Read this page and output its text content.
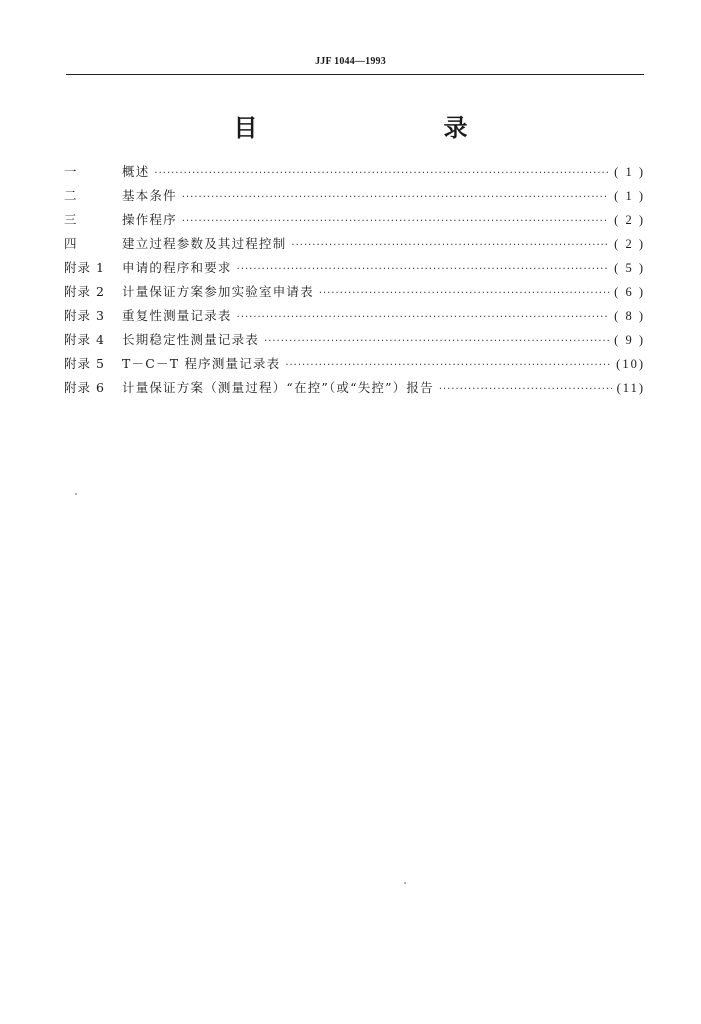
JJF 1044—1993
目　　录
一	概述 ·····	( 1 )
二	基本条件 ·····	( 1 )
三	操作程序 ·····	( 2 )
四	建立过程参数及其过程控制 ·····	( 2 )
附录 1	申请的程序和要求 ·····	( 5 )
附录 2	计量保证方案参加实验室申请表 ·····	( 6 )
附录 3	重复性测量记录表 ·····	( 8 )
附录 4	长期稳定性测量记录表 ·····	( 9 )
附录 5	T－C－T 程序测量记录表 ·····	(10)
附录 6	计量保证方案（测量过程）“在控”（或“失控”）报告 ·····	(11)
